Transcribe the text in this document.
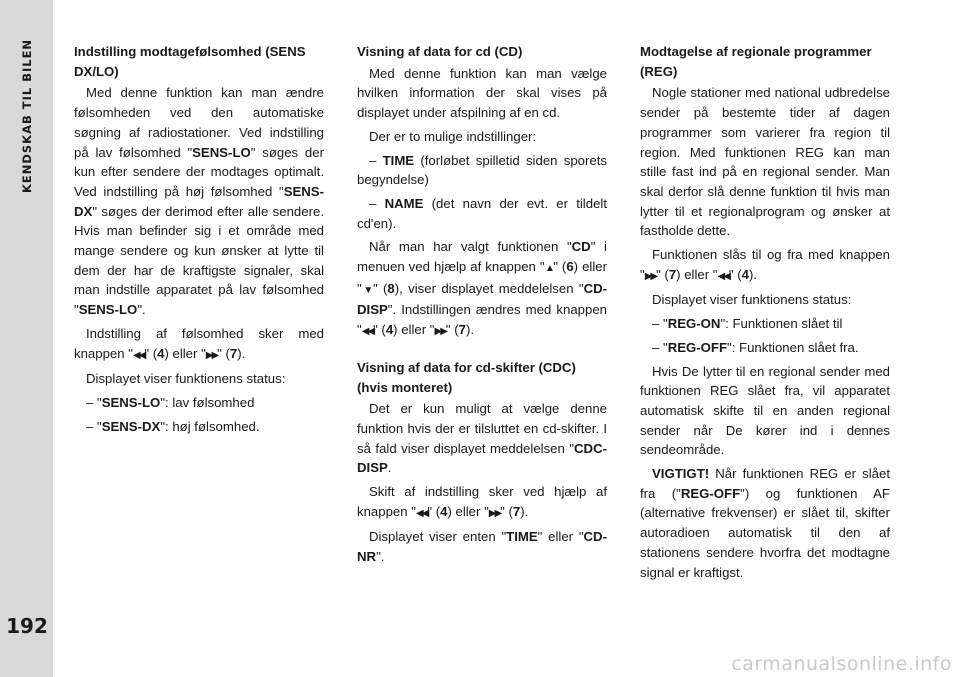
KENDSKAB TIL BILEN
192
Indstilling modtagefølsomhed (SENS DX/LO)

Med denne funktion kan man ændre følsomheden ved den automatiske søgning af radiostationer. Ved indstilling på lav følsomhed "SENS-LO" søges der kun efter sendere der modtages optimalt. Ved indstilling på høj følsomhed "SENS-DX" søges der derimod efter alle sendere. Hvis man befinder sig i et område med mange sendere og kun ønsker at lytte til dem der har de kraftigste signaler, skal man indstille apparatet på lav følsomhed "SENS-LO".

Indstilling af følsomhed sker med knappen "◀◀" (4) eller "▶▶" (7).

Displayet viser funktionens status:

– "SENS-LO": lav følsomhed

– "SENS-DX": høj følsomhed.

Visning af data for cd (CD)

Med denne funktion kan man vælge hvilken information der skal vises på displayet under afspilning af en cd.

Der er to mulige indstillinger:

– TIME (forløbet spilletid siden sporets begyndelse)

– NAME (det navn der evt. er tildelt cd'en).

Når man har valgt funktionen "CD" i menuen ved hjælp af knappen "▲" (6) eller "▼" (8), viser displayet meddelelsen "CD-DISP". Indstillingen ændres med knappen "◀◀" (4) eller "▶▶" (7).

Visning af data for cd-skifter (CDC) (hvis monteret)

Det er kun muligt at vælge denne funktion hvis der er tilsluttet en cd-skifter. I så fald viser displayet meddelelsen "CDC-DISP.

Skift af indstilling sker ved hjælp af knappen "◀◀" (4) eller "▶▶" (7).

Displayet viser enten "TIME" eller "CD-NR".

Modtagelse af regionale programmer (REG)

Nogle stationer med national udbredelse sender på bestemte tider af dagen programmer som varierer fra region til region. Med funktionen REG kan man stille fast ind på en regional sender. Man skal derfor slå denne funktion til hvis man lytter til et regionalprogram og ønsker at fastholde dette.

Funktionen slås til og fra med knappen "▶▶" (7) eller "◀◀" (4).

Displayet viser funktionens status:

– "REG-ON": Funktionen slået til

– "REG-OFF": Funktionen slået fra.

Hvis De lytter til en regional sender med funktionen REG slået fra, vil apparatet automatisk skifte til en anden regional sender når De kører ind i dennes sendeområde.

VIGTIGT! Når funktionen REG er slået fra ("REG-OFF") og funktionen AF (alternative frekvenser) er slået til, skifter autoradioen automatisk til den af stationens sendere hvorfra det modtagne signal er kraftigst.

carmanualsonline.info
